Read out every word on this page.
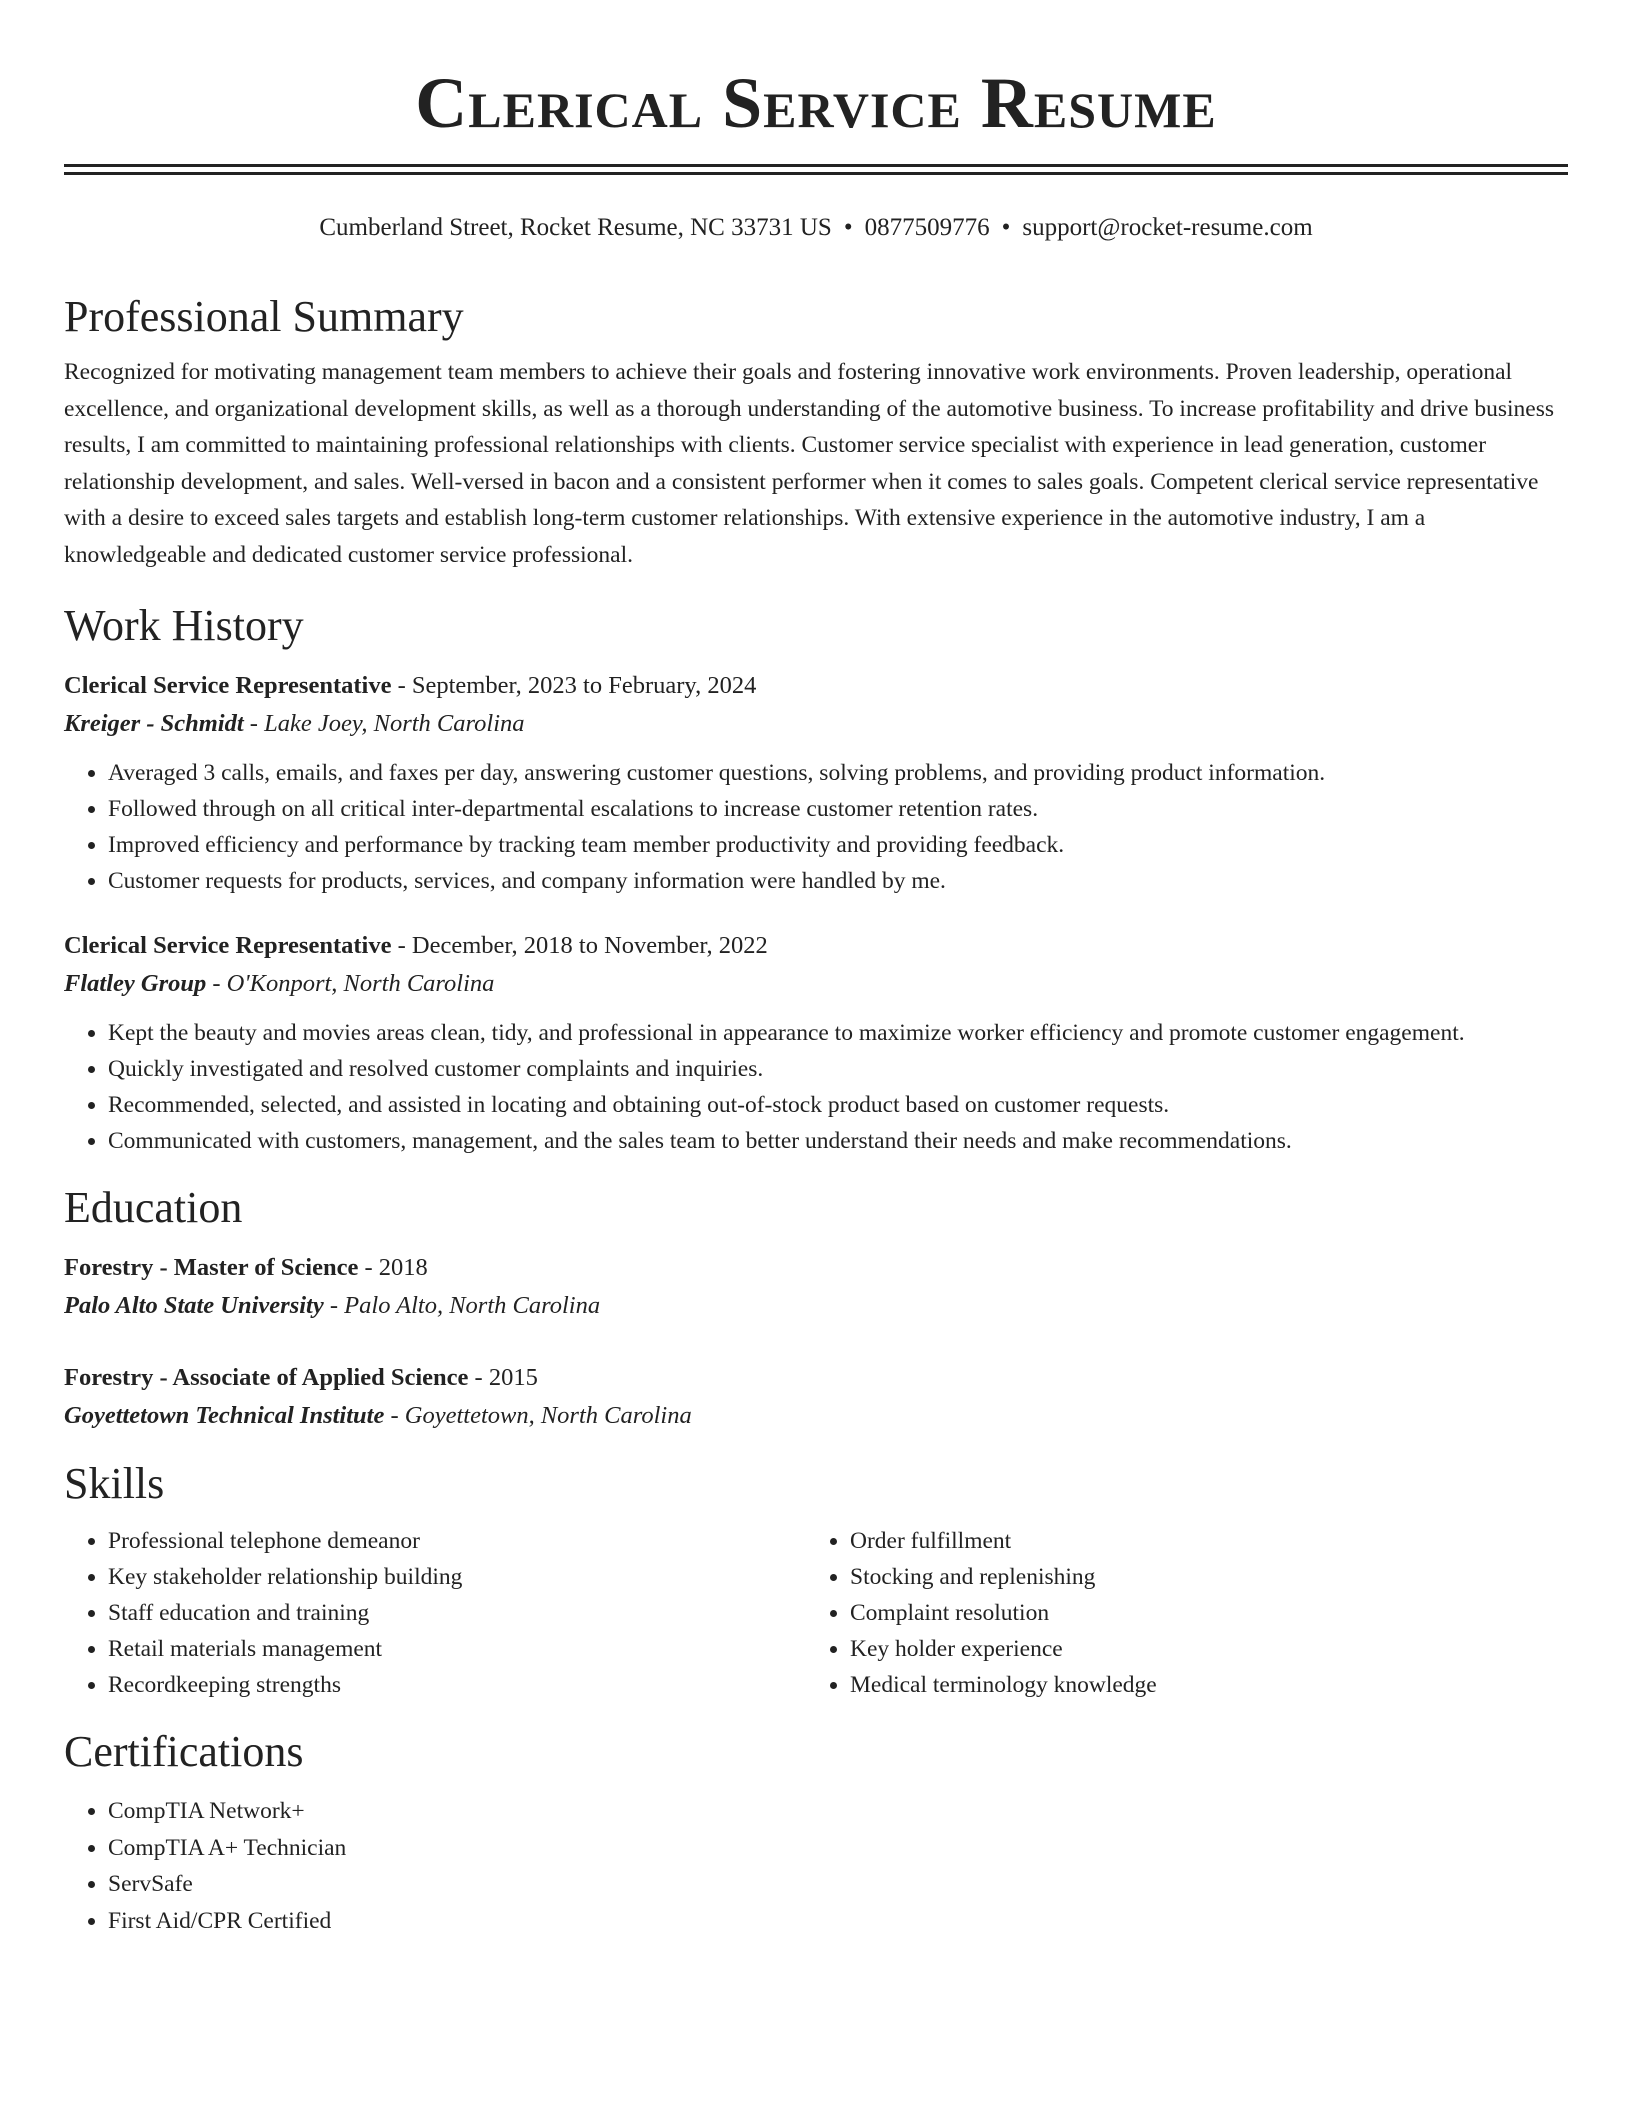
Clerical Service Resume
Cumberland Street, Rocket Resume, NC 33731 US • 0877509776 • support@rocket-resume.com
Professional Summary

Recognized for motivating management team members to achieve their goals and fostering innovative work environments. Proven leadership, operational excellence, and organizational development skills, as well as a thorough understanding of the automotive business. To increase profitability and drive business results, I am committed to maintaining professional relationships with clients. Customer service specialist with experience in lead generation, customer relationship development, and sales. Well-versed in bacon and a consistent performer when it comes to sales goals. Competent clerical service representative with a desire to exceed sales targets and establish long-term customer relationships. With extensive experience in the automotive industry, I am a knowledgeable and dedicated customer service professional.

Work History
Clerical Service Representative - September, 2023 to February, 2024
Kreiger - Schmidt - Lake Joey, North Carolina
• Averaged 3 calls, emails, and faxes per day, answering customer questions, solving problems, and providing product information.
• Followed through on all critical inter-departmental escalations to increase customer retention rates.
• Improved efficiency and performance by tracking team member productivity and providing feedback.
• Customer requests for products, services, and company information were handled by me.
Clerical Service Representative - December, 2018 to November, 2022
Flatley Group - O'Konport, North Carolina
• Kept the beauty and movies areas clean, tidy, and professional in appearance to maximize worker efficiency and promote customer engagement.
• Quickly investigated and resolved customer complaints and inquiries.
• Recommended, selected, and assisted in locating and obtaining out-of-stock product based on customer requests.
• Communicated with customers, management, and the sales team to better understand their needs and make recommendations.
Education
Forestry - Master of Science - 2018
Palo Alto State University - Palo Alto, North Carolina
Forestry - Associate of Applied Science - 2015
Goyettetown Technical Institute - Goyettetown, North Carolina
Skills
• Professional telephone demeanor
• Key stakeholder relationship building
• Staff education and training
• Retail materials management
• Recordkeeping strengths
• Order fulfillment
• Stocking and replenishing
• Complaint resolution
• Key holder experience
• Medical terminology knowledge
Certifications
• CompTIA Network+
• CompTIA A+ Technician
• ServSafe
• First Aid/CPR Certified
